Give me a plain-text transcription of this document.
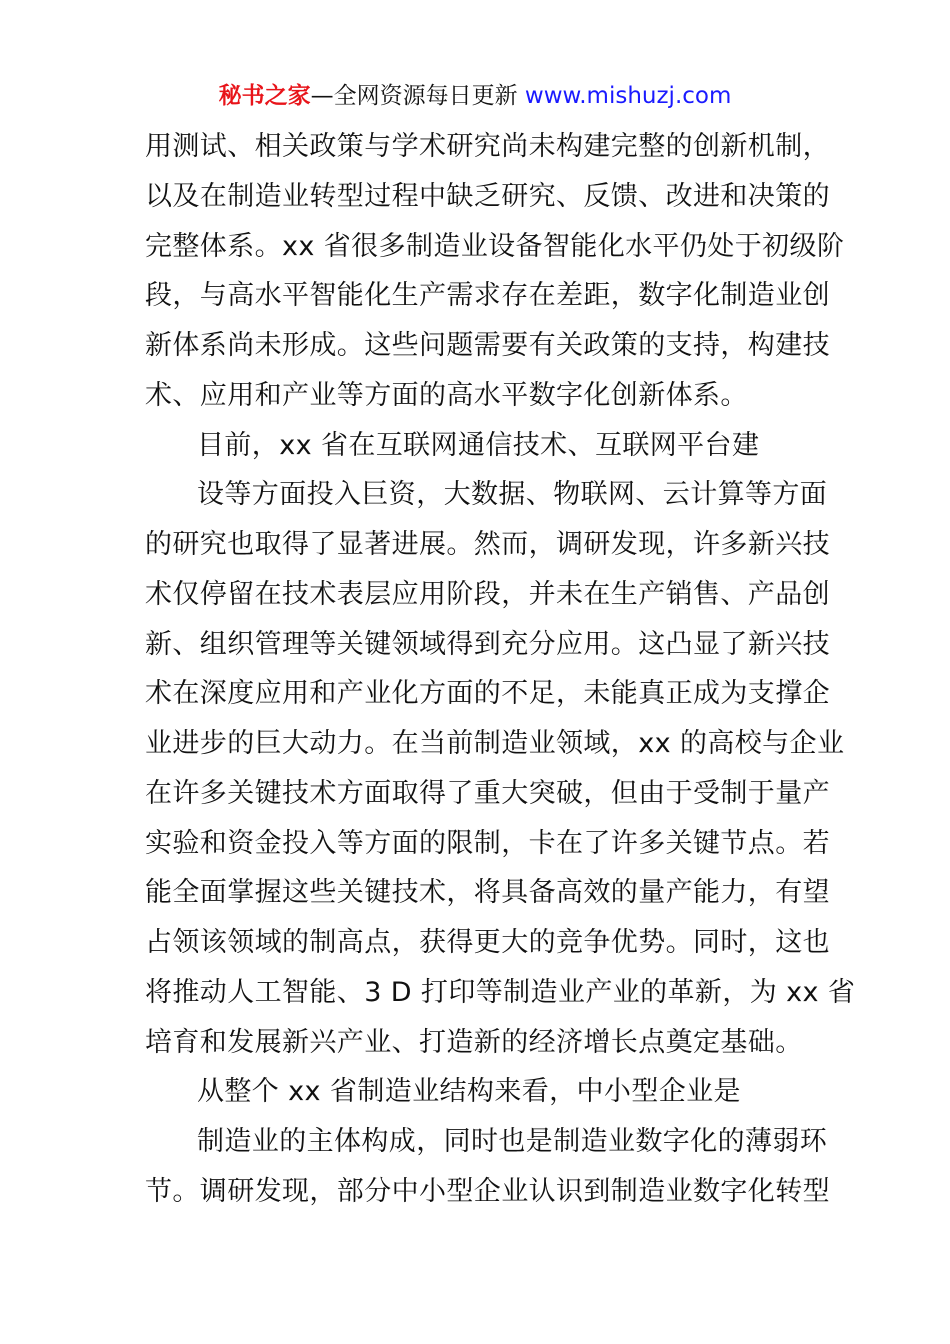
秘书之家—全网资源每日更新 www.mishuzj.com
用测试、相关政策与学术研究尚未构建完整的创新机制，
以及在制造业转型过程中缺乏研究、反馈、改进和决策的
完整体系。xx 省很多制造业设备智能化水平仍处于初级阶
段，与高水平智能化生产需求存在差距，数字化制造业创
新体系尚未形成。这些问题需要有关政策的支持，构建技
术、应用和产业等方面的高水平数字化创新体系。
目前，xx 省在互联网通信技术、互联网平台建
设等方面投入巨资，大数据、物联网、云计算等方面
的研究也取得了显著进展。然而，调研发现，许多新兴技
术仅停留在技术表层应用阶段，并未在生产销售、产品创
新、组织管理等关键领域得到充分应用。这凸显了新兴技
术在深度应用和产业化方面的不足，未能真正成为支撑企
业进步的巨大动力。在当前制造业领域，xx 的高校与企业
在许多关键技术方面取得了重大突破，但由于受制于量产
实验和资金投入等方面的限制，卡在了许多关键节点。若
能全面掌握这些关键技术，将具备高效的量产能力，有望
占领该领域的制高点，获得更大的竞争优势。同时，这也
将推动人工智能、3 D 打印等制造业产业的革新，为 xx 省
培育和发展新兴产业、打造新的经济增长点奠定基础。
从整个 xx 省制造业结构来看，中小型企业是
制造业的主体构成，同时也是制造业数字化的薄弱环
节。调研发现，部分中小型企业认识到制造业数字化转型
